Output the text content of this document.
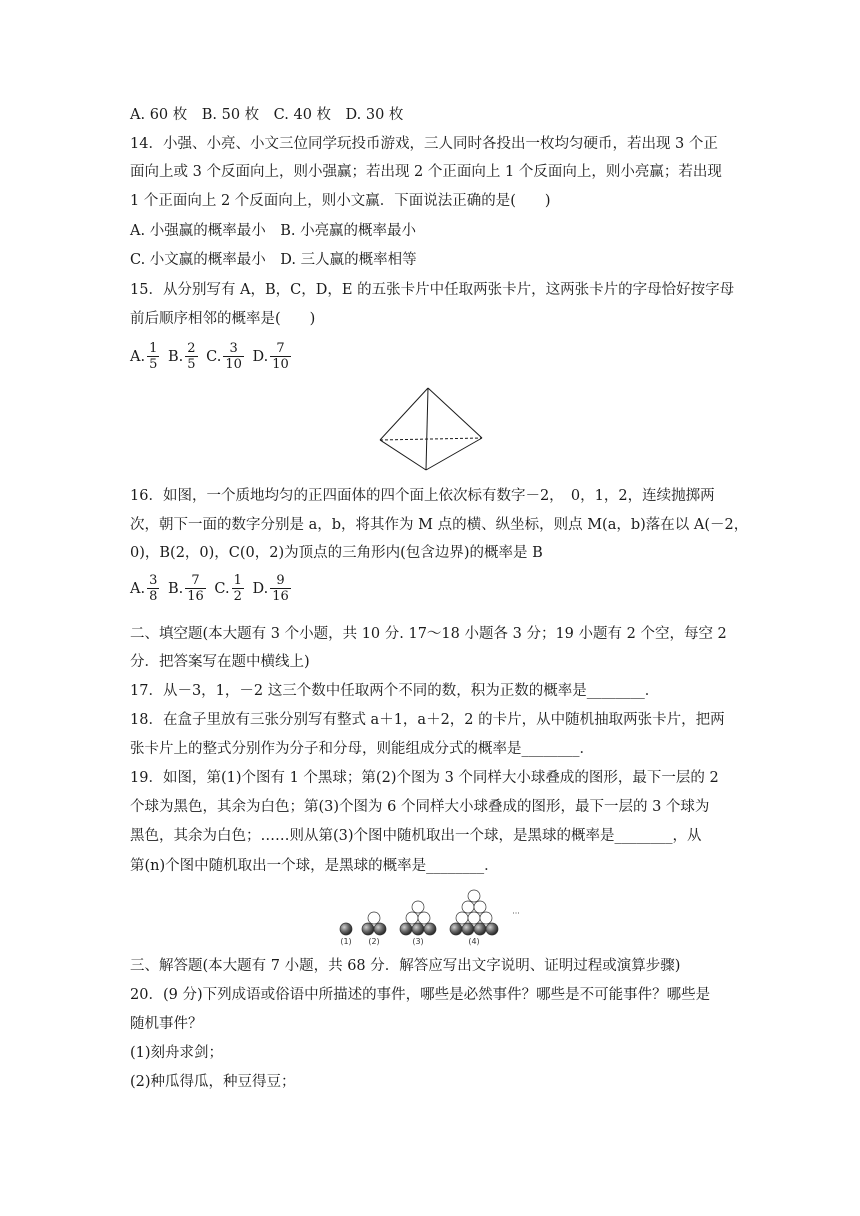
A. 60 枚　B. 50 枚　C. 40 枚　D. 30 枚
14．小强、小亮、小文三位同学玩投币游戏，三人同时各投出一枚均匀硬币，若出现 3 个正
面向上或 3 个反面向上，则小强赢；若出现 2 个正面向上 1 个反面向上，则小亮赢；若出现
1 个正面向上 2 个反面向上，则小文赢．下面说法正确的是(　　)
A. 小强赢的概率最小　B. 小亮赢的概率最小
C. 小文赢的概率最小　D. 三人赢的概率相等
15．从分别写有 A，B，C，D，E 的五张卡片中任取两张卡片，这两张卡片的字母恰好按字母
前后顺序相邻的概率是(　　)
A. $\frac{1}{5} B$. $\frac{2}{5} C$. $\frac{3}{10} D$. $\frac{7}{10}$
16．如图，一个质地均匀的正四面体的四个面上依次标有数字－2，　0，1，2，连续抛掷两
次，朝下一面的数字分别是 a，b，将其作为 M 点的横、纵坐标，则点 M(a，b)落在以 A(－2，
0)，B(2，0)，C(0，2)为顶点的三角形内(包含边界)的概率是 B
A. $\frac{3}{8} B$. $\frac{7}{16} C$. $\frac{1}{2} D$. $\frac{9}{16}$
二、填空题(本大题有 3 个小题，共 10 分. 17～18 小题各 3 分；19 小题有 2 个空，每空 2
分．把答案写在题中横线上)
17．从－3，1，－2 这三个数中任取两个不同的数，积为正数的概率是________．
18．在盒子里放有三张分别写有整式 a＋1，a＋2，2 的卡片，从中随机抽取两张卡片，把两
张卡片上的整式分别作为分子和分母，则能组成分式的概率是________．
19．如图，第(1)个图有 1 个黑球；第(2)个图为 3 个同样大小球叠成的图形，最下一层的 2
个球为黑色，其余为白色；第(3)个图为 6 个同样大小球叠成的图形，最下一层的 3 个球为
黑色，其余为白色；……则从第(3)个图中随机取出一个球，是黑球的概率是________，从
第(n)个图中随机取出一个球，是黑球的概率是________．
(1) (2)	(3)	(4)
···
三、解答题(本大题有 7 小题，共 68 分．解答应写出文字说明、证明过程或演算步骤)
20．(9 分)下列成语或俗语中所描述的事件，哪些是必然事件？哪些是不可能事件？哪些是
随机事件？
(1)刻舟求剑；
(2)种瓜得瓜，种豆得豆；
